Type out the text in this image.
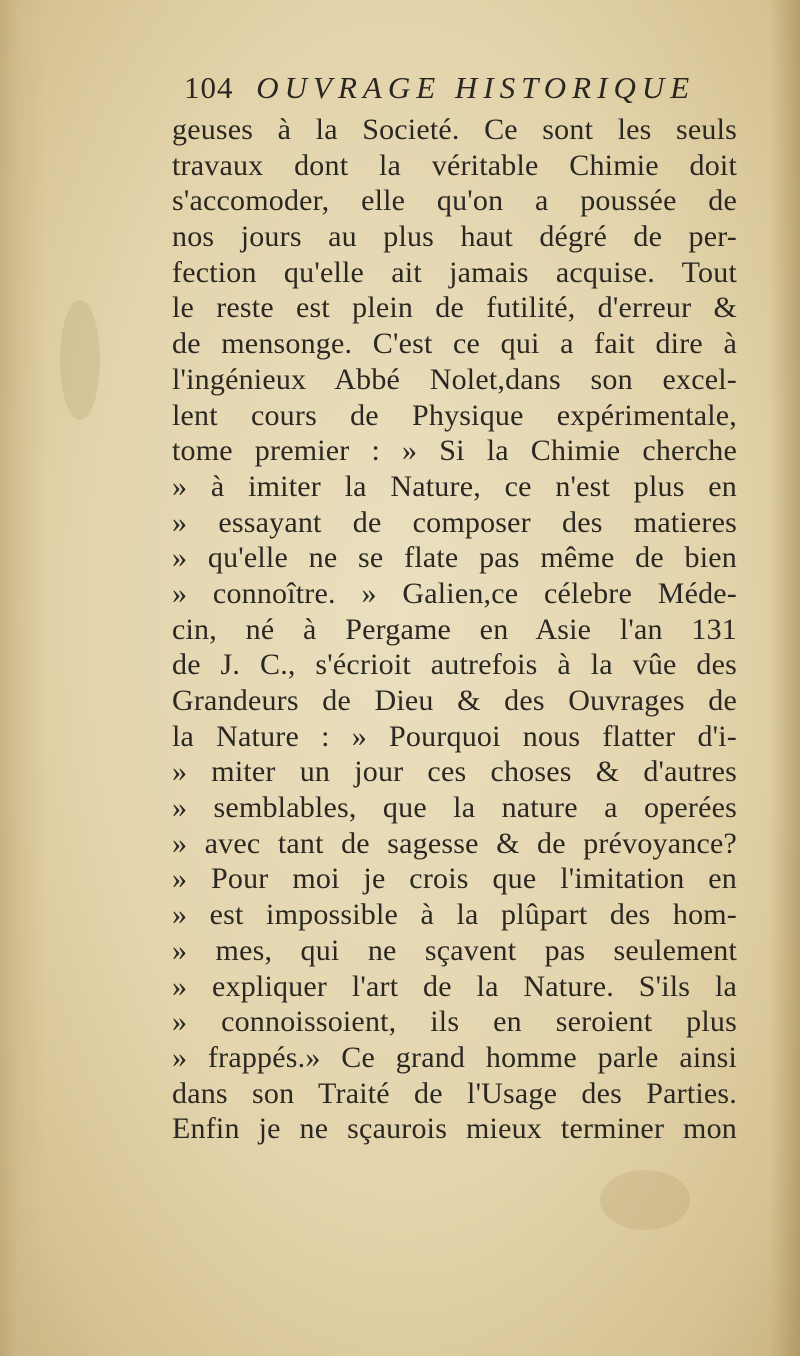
104 OUVRAGE HISTORIQUE
geuses à la Societé. Ce sont les seuls
travaux dont la véritable Chimie doit
s'accomoder, elle qu'on a poussée de
nos jours au plus haut dégré de per-
fection qu'elle ait jamais acquise. Tout
le reste est plein de futilité, d'erreur &
de mensonge. C'est ce qui a fait dire à
l'ingénieux Abbé Nolet,dans son excel-
lent cours de Physique expérimentale,
tome premier : » Si la Chimie cherche
» à imiter la Nature, ce n'est plus en
» essayant de composer des matieres
» qu'elle ne se flate pas même de bien
» connoître. » Galien,ce célebre Méde-
cin, né à Pergame en Asie l'an 131
de J. C., s'écrioit autrefois à la vûe des
Grandeurs de Dieu & des Ouvrages de
la Nature : » Pourquoi nous flatter d'i-
» miter un jour ces choses & d'autres
» semblables, que la nature a operées
» avec tant de sagesse & de prévoyance?
» Pour moi je crois que l'imitation en
» est impossible à la plûpart des hom-
» mes, qui ne sçavent pas seulement
» expliquer l'art de la Nature. S'ils la
» connoissoient, ils en seroient plus
» frappés.» Ce grand homme parle ainsi
dans son Traité de l'Usage des Parties.
Enfin je ne sçaurois mieux terminer mon
